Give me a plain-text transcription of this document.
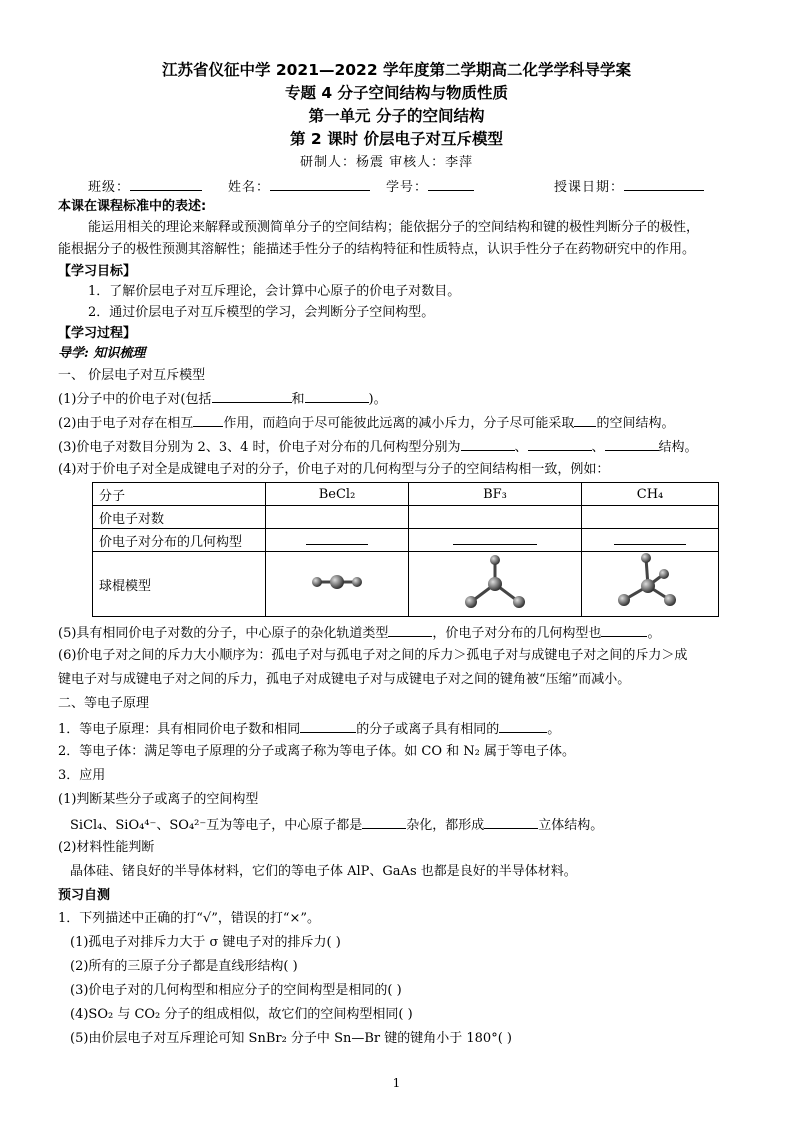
江苏省仪征中学 2021—2022 学年度第二学期高二化学学科导学案
专题 4 分子空间结构与物质性质
第一单元 分子的空间结构
第 2 课时 价层电子对互斥模型
研制人：杨震 审核人：李萍
班级：	姓名：	学号：	授课日期：
本课在课程标准中的表述:
能运用相关的理论来解释或预测简单分子的空间结构；能依据分子的空间结构和键的极性判断分子的极性，
能根据分子的极性预测其溶解性；能描述手性分子的结构特征和性质特点，认识手性分子在药物研究中的作用。
【学习目标】
1．了解价层电子对互斥理论，会计算中心原子的价电子对数目。
2．通过价层电子对互斥模型的学习，会判断分子空间构型。
【学习过程】
导学: 知识梳理
一、 价层电子对互斥模型
(1)分子中的价电子对(包括	和	)。
(2)由于电子对存在相互 作用，而趋向于尽可能彼此远离的减小斥力，分子尽可能采取 的空间结构。
(3)价电子对数目分别为 2、3、4 时，价电子对分布的几何构型分别为	、	、	结构。
(4)对于价电子对全是成键电子对的分子，价电子对的几何构型与分子的空间结构相一致，例如：
分子	BeCl₂	BF₃	CH₄
价电子对数			
价电子对分布的几何构型			
球棍模型			
(5)具有相同价电子对数的分子，中心原子的杂化轨道类型	，价电子对分布的几何构型也	。
(6)价电子对之间的斥力大小顺序为：孤电子对与孤电子对之间的斥力＞孤电子对与成键电子对之间的斥力＞成
键电子对与成键电子对之间的斥力，孤电子对成键电子对与成键电子对之间的键角被“压缩”而减小。
二、等电子原理
1．等电子原理：具有相同价电子数和相同	的分子或离子具有相同的	。
2．等电子体：满足等电子原理的分子或离子称为等电子体。如 CO 和 N₂ 属于等电子体。
3．应用
(1)判断某些分子或离子的空间构型
SiCl₄、SiO₄⁴⁻、SO₄²⁻互为等电子，中心原子都是	杂化，都形成	立体结构。
(2)材料性能判断
晶体硅、锗良好的半导体材料，它们的等电子体 AlP、GaAs 也都是良好的半导体材料。
预习自测
1．下列描述中正确的打“√”，错误的打“×”。
(1)孤电子对排斥力大于 σ 键电子对的排斥力( )
(2)所有的三原子分子都是直线形结构( )
(3)价电子对的几何构型和相应分子的空间构型是相同的( )
(4)SO₂ 与 CO₂ 分子的组成相似，故它们的空间构型相同( )
(5)由价层电子对互斥理论可知 SnBr₂ 分子中 Sn—Br 键的键角小于 180°( )
1
